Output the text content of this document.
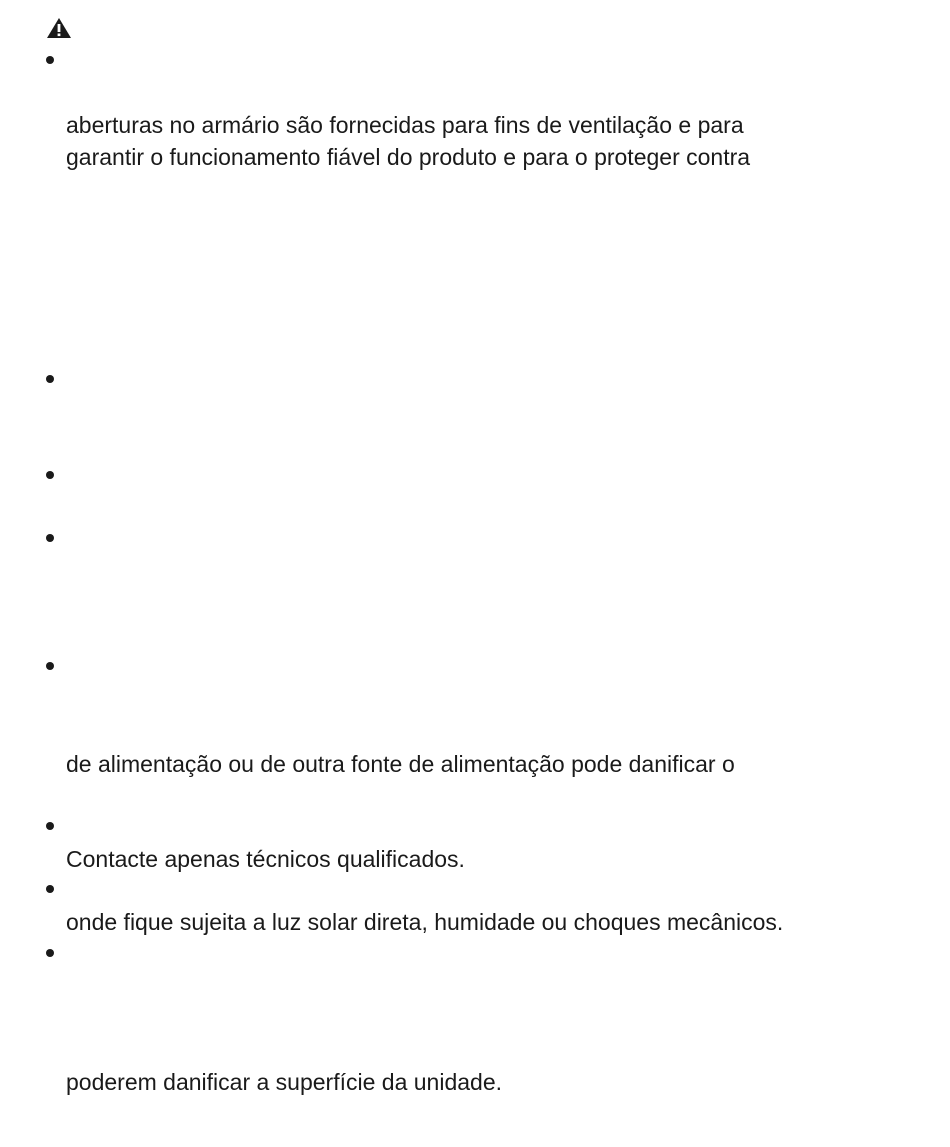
aberturas no armário são fornecidas para fins de ventilação e para
garantir o funcionamento fiável do produto e para o proteger contra
de alimentação ou de outra fonte de alimentação pode danificar o
Contacte apenas técnicos qualificados.
onde fique sujeita a luz solar direta, humidade ou choques mecânicos.
poderem danificar a superfície da unidade.
